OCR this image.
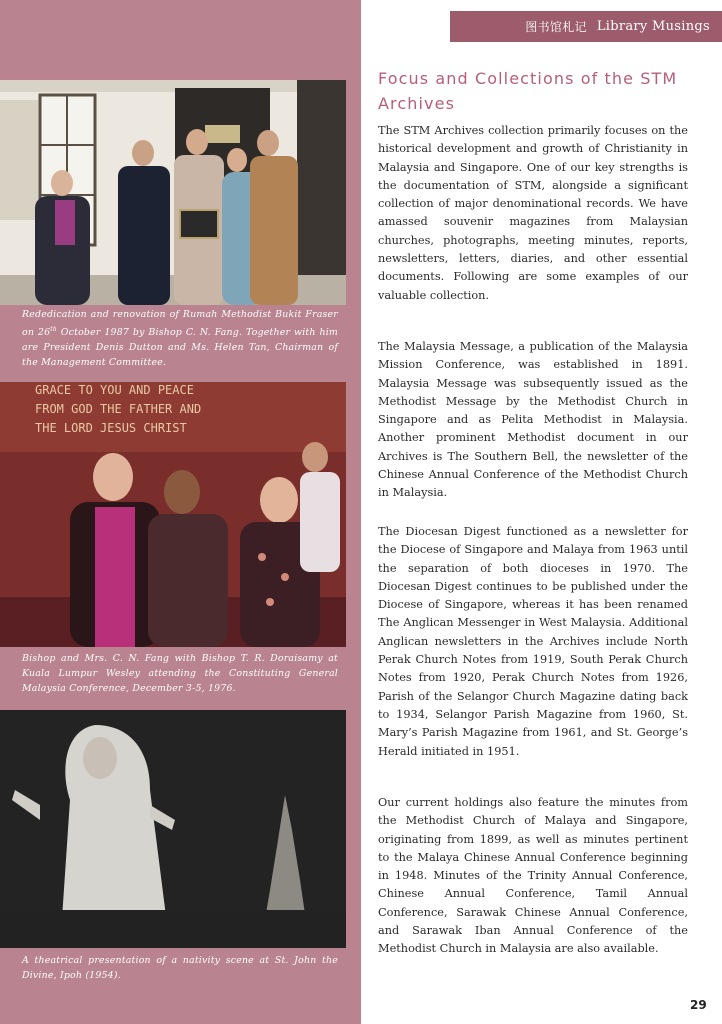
Rededication and renovation of Rumah Methodist Bukit Fraser on 26th October 1987 by Bishop C. N. Fang. Together with him are President Denis Dutton and Ms. Helen Tan, Chairman of the Management Committee.
GRACE TO YOU AND PEACE
FROM GOD THE FATHER AND
THE LORD JESUS CHRIST
Bishop and Mrs. C. N. Fang with Bishop T. R. Doraisamy at Kuala Lumpur Wesley attending the Constituting General Malaysia Conference, December 3-5, 1976.
A theatrical presentation of a nativity scene at St. John the Divine, Ipoh (1954).
图书馆札记 Library Musings
Focus and Collections of the STM Archives

The STM Archives collection primarily focuses on the historical development and growth of Christianity in Malaysia and Singapore. One of our key strengths is the documentation of STM, alongside a significant collection of major denominational records. We have amassed souvenir magazines from Malaysian churches, photographs, meeting minutes, reports, newsletters, letters, diaries, and other essential documents. Following are some examples of our valuable collection.

The Malaysia Message, a publication of the Malaysia Mission Conference, was established in 1891. Malaysia Message was subsequently issued as the Methodist Message by the Methodist Church in Singapore and as Pelita Methodist in Malaysia. Another prominent Methodist document in our Archives is The Southern Bell, the newsletter of the Chinese Annual Conference of the Methodist Church in Malaysia.

The Diocesan Digest functioned as a newsletter for the Diocese of Singapore and Malaya from 1963 until the separation of both dioceses in 1970. The Diocesan Digest continues to be published under the Diocese of Singapore, whereas it has been renamed The Anglican Messenger in West Malaysia. Additional Anglican newsletters in the Archives include North Perak Church Notes from 1919, South Perak Church Notes from 1920, Perak Church Notes from 1926, Parish of the Selangor Church Magazine dating back to 1934, Selangor Parish Magazine from 1960, St. Mary’s Parish Magazine from 1961, and St. George’s Herald initiated in 1951.

Our current holdings also feature the minutes from the Methodist Church of Malaya and Singapore, originating from 1899, as well as minutes pertinent to the Malaya Chinese Annual Conference beginning in 1948. Minutes of the Trinity Annual Conference, Chinese Annual Conference, Tamil Annual Conference, Sarawak Chinese Annual Conference, and Sarawak Iban Annual Conference of the Methodist Church in Malaysia are also available.

29
